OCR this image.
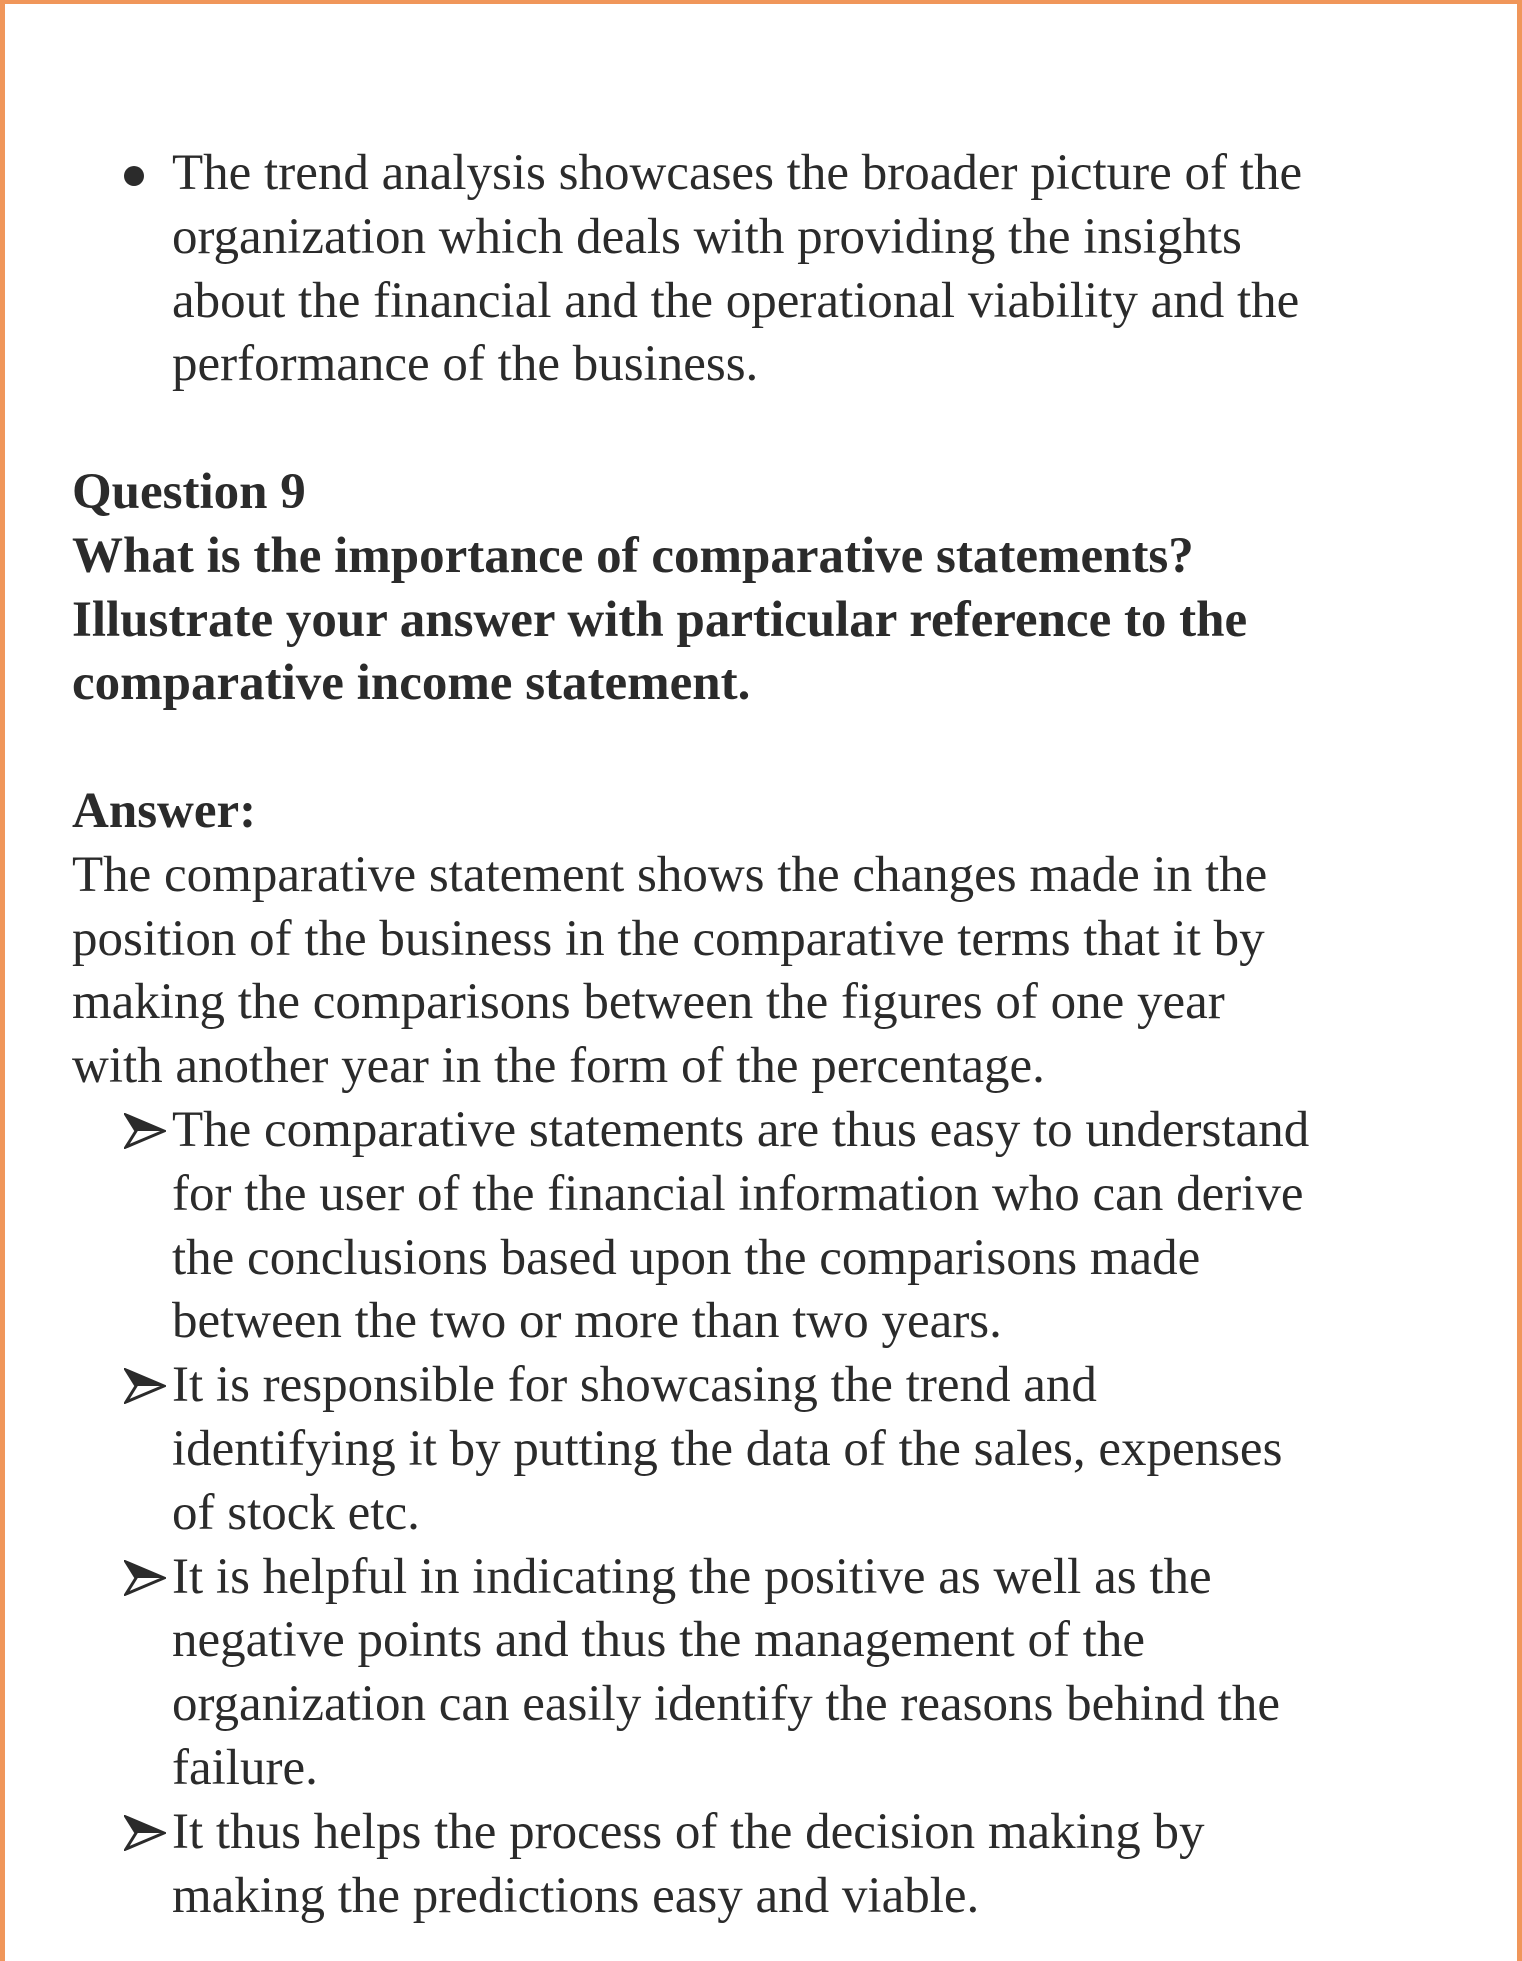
The trend analysis showcases the broader picture of the
organization which deals with providing the insights
about the financial and the operational viability and the
performance of the business.
Question 9
What is the importance of comparative statements?
Illustrate your answer with particular reference to the
comparative income statement.
Answer:
The comparative statement shows the changes made in the
position of the business in the comparative terms that it by
making the comparisons between the figures of one year
with another year in the form of the percentage.
The comparative statements are thus easy to understand
for the user of the financial information who can derive
the conclusions based upon the comparisons made
between the two or more than two years.
It is responsible for showcasing the trend and
identifying it by putting the data of the sales, expenses
of stock etc.
It is helpful in indicating the positive as well as the
negative points and thus the management of the
organization can easily identify the reasons behind the
failure.
It thus helps the process of the decision making by
making the predictions easy and viable.
